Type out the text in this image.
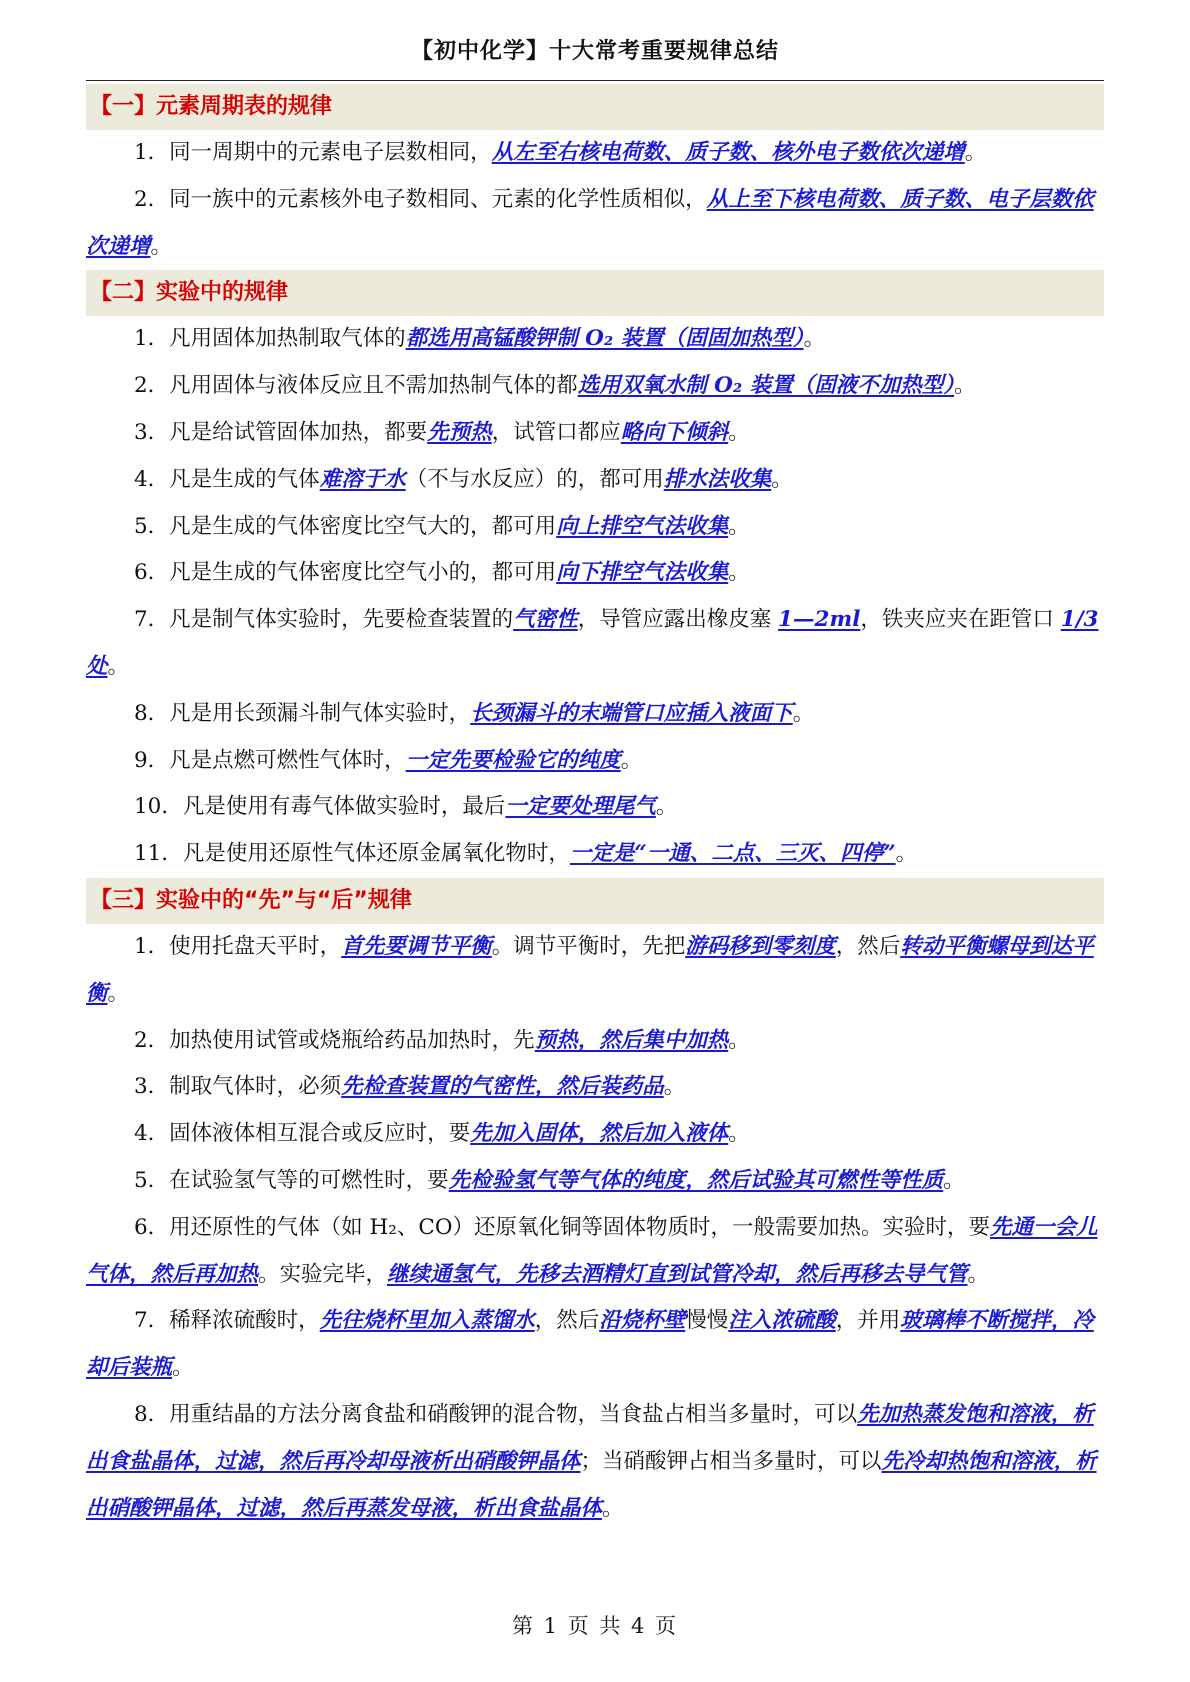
【初中化学】十大常考重要规律总结
【一】元素周期表的规律

1．同一周期中的元素电子层数相同，从左至右核电荷数、质子数、核外电子数依次递增。

2．同一族中的元素核外电子数相同、元素的化学性质相似，从上至下核电荷数、质子数、电子层数依次递增。

【二】实验中的规律

1．凡用固体加热制取气体的都选用高锰酸钾制 O₂ 装置（固固加热型）。

2．凡用固体与液体反应且不需加热制气体的都选用双氧水制 O₂ 装置（固液不加热型）。

3．凡是给试管固体加热，都要先预热，试管口都应略向下倾斜。

4．凡是生成的气体难溶于水（不与水反应）的，都可用排水法收集。

5．凡是生成的气体密度比空气大的，都可用向上排空气法收集。

6．凡是生成的气体密度比空气小的，都可用向下排空气法收集。

7．凡是制气体实验时，先要检查装置的气密性，导管应露出橡皮塞 1—2ml，铁夹应夹在距管口 1/3 处。

8．凡是用长颈漏斗制气体实验时，长颈漏斗的末端管口应插入液面下。

9．凡是点燃可燃性气体时，一定先要检验它的纯度。

10．凡是使用有毒气体做实验时，最后一定要处理尾气。

11．凡是使用还原性气体还原金属氧化物时，一定是“一通、二点、三灭、四停”。

【三】实验中的“先”与“后”规律

1．使用托盘天平时，首先要调节平衡。调节平衡时，先把游码移到零刻度，然后转动平衡螺母到达平衡。

2．加热使用试管或烧瓶给药品加热时，先预热，然后集中加热。

3．制取气体时，必须先检查装置的气密性，然后装药品。

4．固体液体相互混合或反应时，要先加入固体，然后加入液体。

5．在试验氢气等的可燃性时，要先检验氢气等气体的纯度，然后试验其可燃性等性质。

6．用还原性的气体（如 H₂、CO）还原氧化铜等固体物质时，一般需要加热。实验时，要先通一会儿气体，然后再加热。实验完毕，继续通氢气，先移去酒精灯直到试管冷却，然后再移去导气管。

7．稀释浓硫酸时，先往烧杯里加入蒸馏水，然后沿烧杯壁慢慢注入浓硫酸，并用玻璃棒不断搅拌，冷却后装瓶。

8．用重结晶的方法分离食盐和硝酸钾的混合物，当食盐占相当多量时，可以先加热蒸发饱和溶液，析出食盐晶体，过滤，然后再冷却母液析出硝酸钾晶体；当硝酸钾占相当多量时，可以先冷却热饱和溶液，析出硝酸钾晶体，过滤，然后再蒸发母液，析出食盐晶体。

第 1 页 共 4 页
